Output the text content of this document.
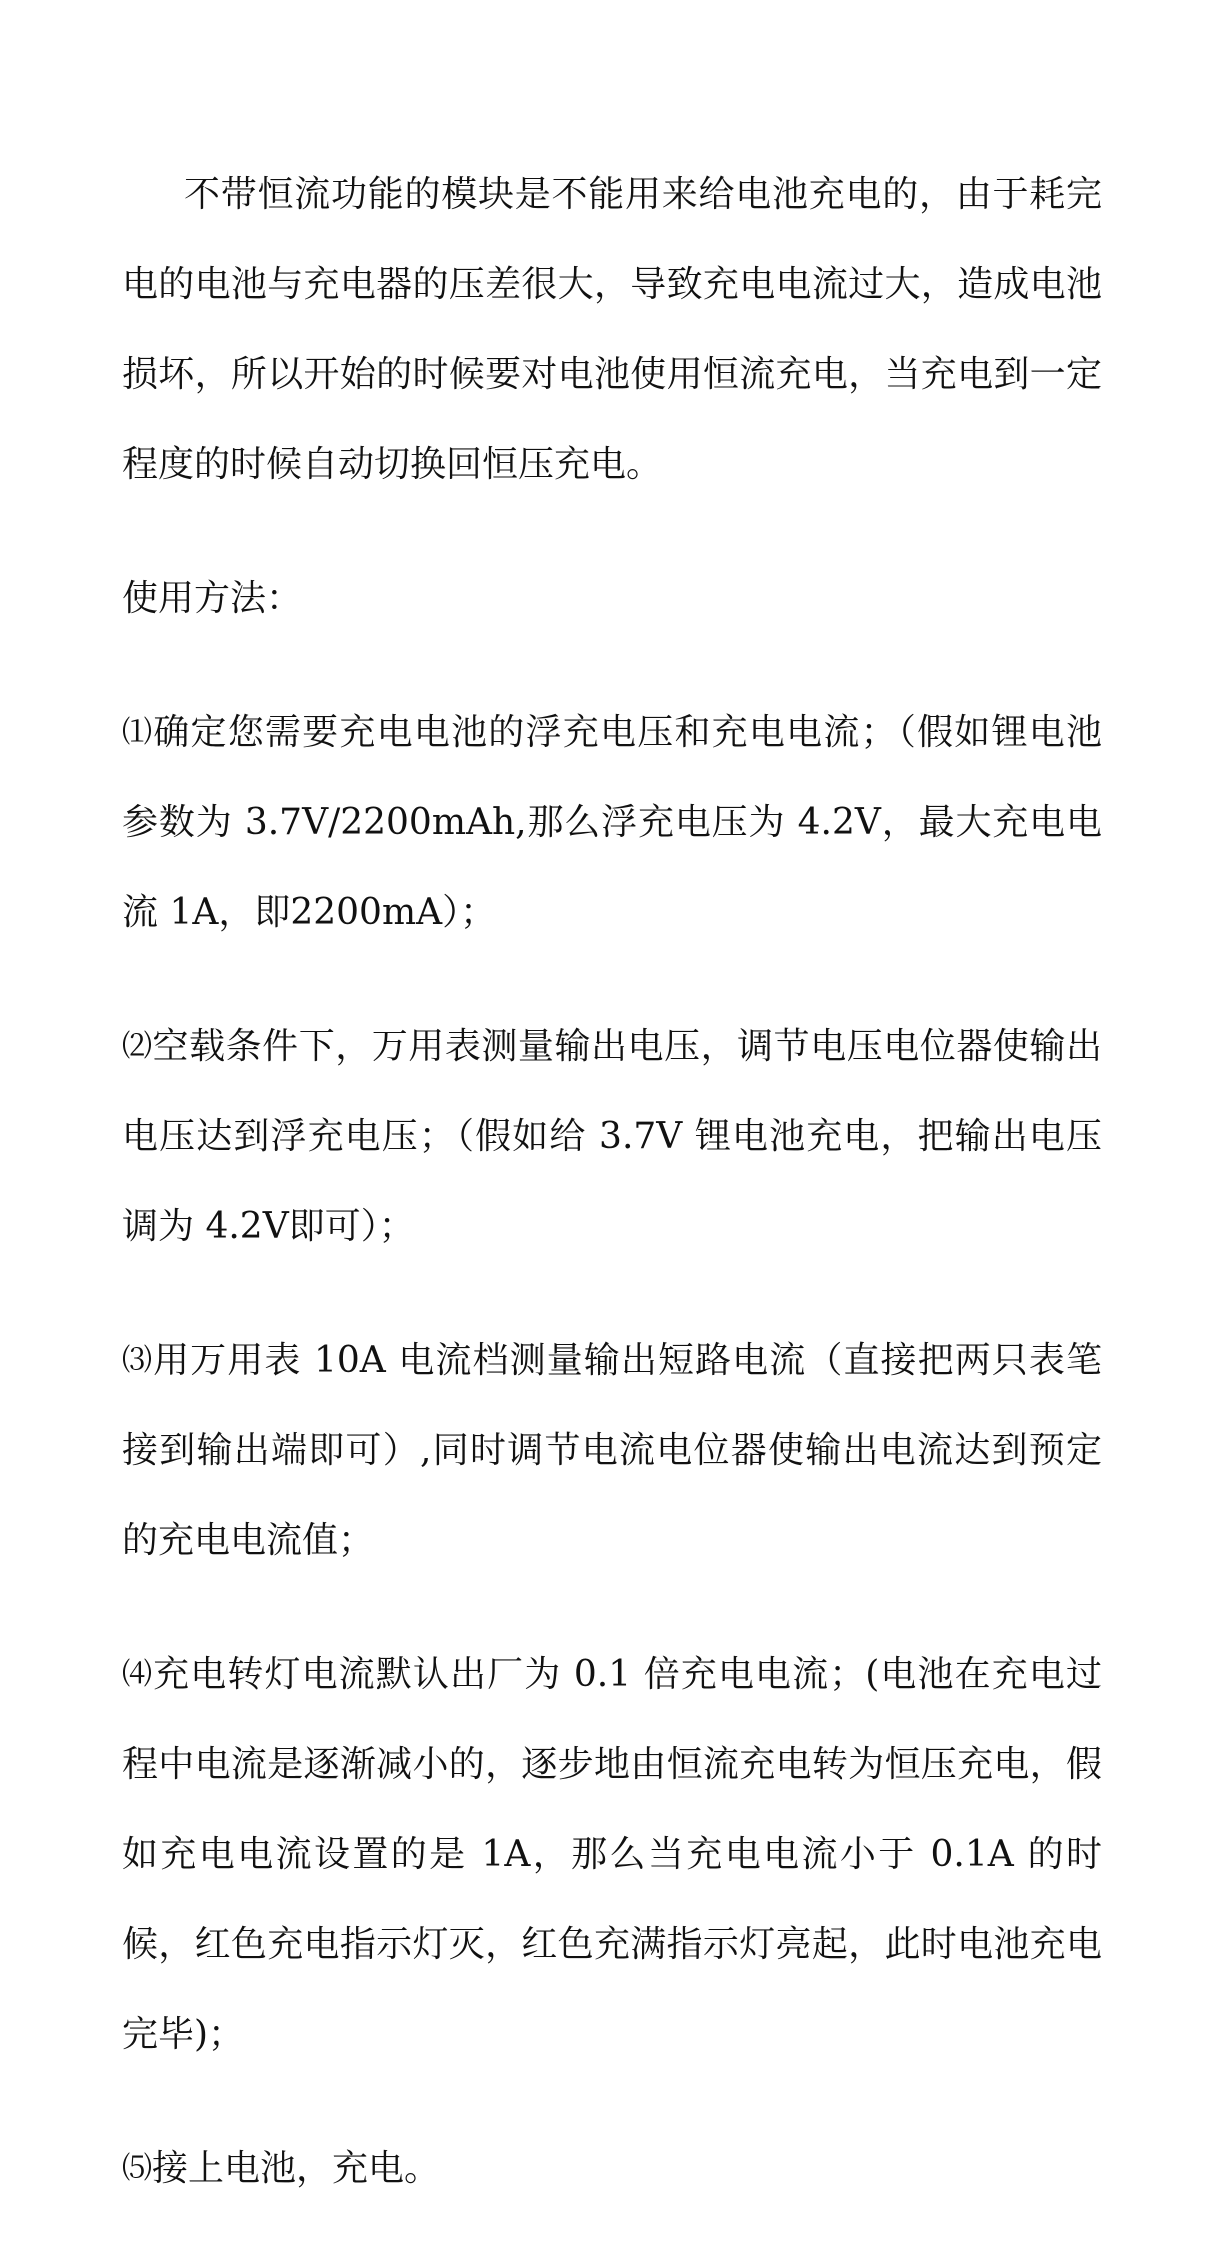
不带恒流功能的模块是不能用来给电池充电的，由于耗完电的电池与充电器的压差很大，导致充电电流过大，造成电池损坏，所以开始的时候要对电池使用恒流充电，当充电到一定程度的时候自动切换回恒压充电。

使用方法：

⑴确定您需要充电电池的浮充电压和充电电流；（假如锂电池参数为 3.7V/2200mAh,那么浮充电压为 4.2V，最大充电电流 1A，即2200mA）；

⑵空载条件下，万用表测量输出电压，调节电压电位器使输出电压达到浮充电压；（假如给 3.7V 锂电池充电，把输出电压调为 4.2V即可）；

⑶用万用表 10A 电流档测量输出短路电流（直接把两只表笔接到输出端即可）,同时调节电流电位器使输出电流达到预定的充电电流值；

⑷充电转灯电流默认出厂为 0.1 倍充电电流；(电池在充电过程中电流是逐渐减小的，逐步地由恒流充电转为恒压充电，假如充电电流设置的是 1A，那么当充电电流小于 0.1A 的时候，红色充电指示灯灭，红色充满指示灯亮起，此时电池充电完毕)；

⑸接上电池，充电。
